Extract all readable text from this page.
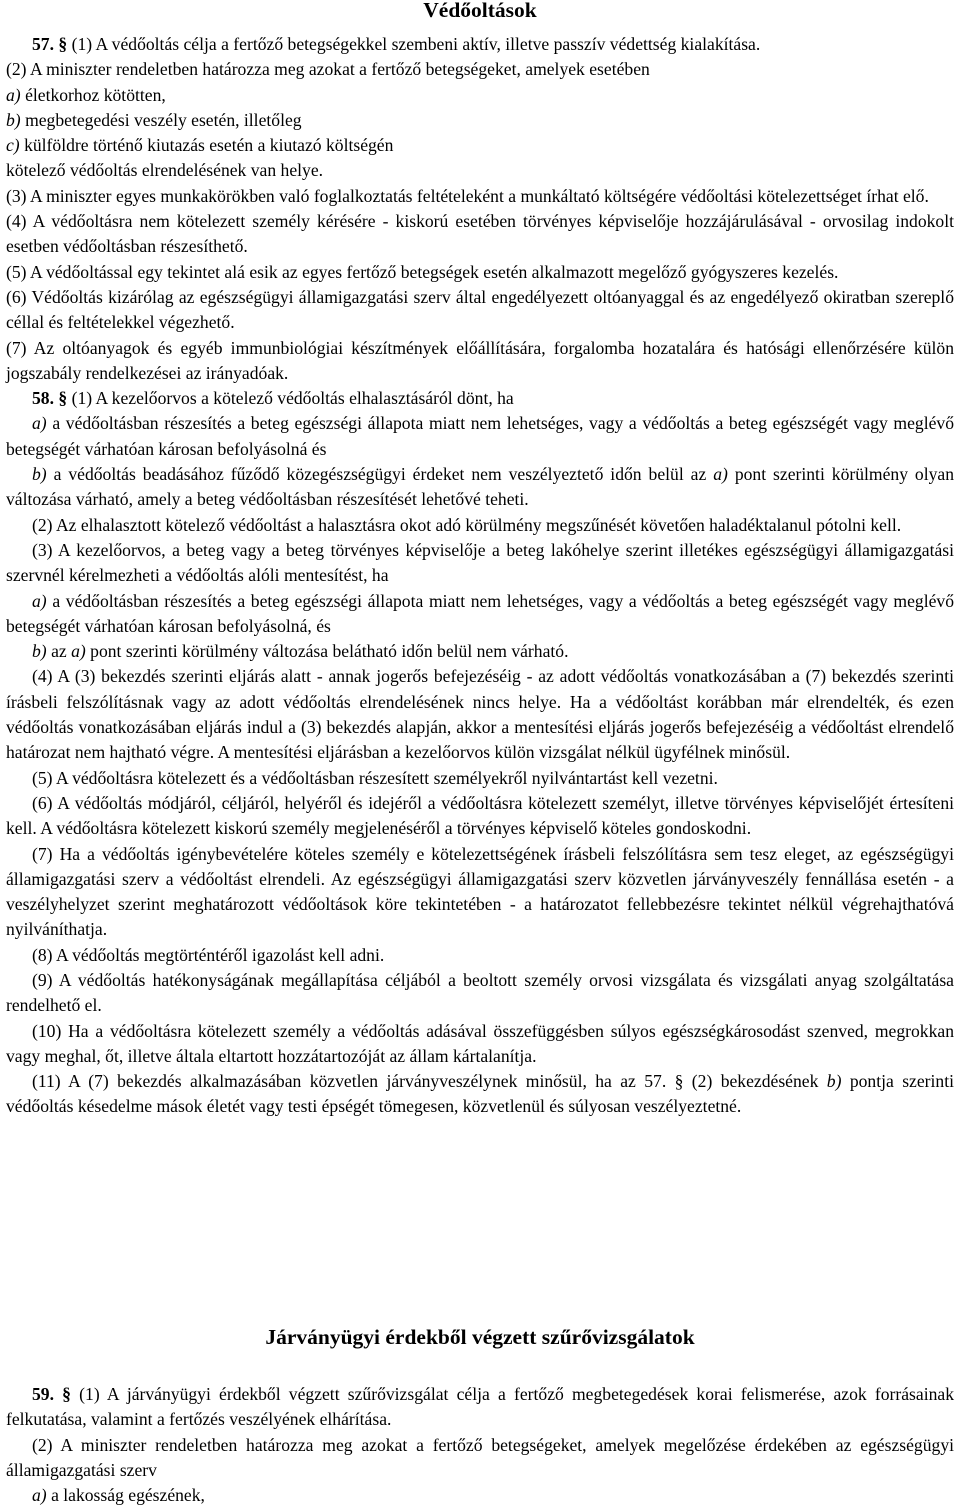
Védőoltások

57. § (1) A védőoltás célja a fertőző betegségekkel szembeni aktív, illetve passzív védettség kialakítása.

(2) A miniszter rendeletben határozza meg azokat a fertőző betegségeket, amelyek esetében

a) életkorhoz kötötten,

b) megbetegedési veszély esetén, illetőleg

c) külföldre történő kiutazás esetén a kiutazó költségén

kötelező védőoltás elrendelésének van helye.

(3) A miniszter egyes munkakörökben való foglalkoztatás feltételeként a munkáltató költségére védőoltási kötelezettséget írhat elő.

(4) A védőoltásra nem kötelezett személy kérésére - kiskorú esetében törvényes képviselője hozzájárulásával - orvosilag indokolt esetben védőoltásban részesíthető.

(5) A védőoltással egy tekintet alá esik az egyes fertőző betegségek esetén alkalmazott megelőző gyógyszeres kezelés.

(6) Védőoltás kizárólag az egészségügyi államigazgatási szerv által engedélyezett oltóanyaggal és az engedélyező okiratban szereplő céllal és feltételekkel végezhető.

(7) Az oltóanyagok és egyéb immunbiológiai készítmények előállítására, forgalomba hozatalára és hatósági ellenőrzésére külön jogszabály rendelkezései az irányadóak.

58. § (1) A kezelőorvos a kötelező védőoltás elhalasztásáról dönt, ha

a) a védőoltásban részesítés a beteg egészségi állapota miatt nem lehetséges, vagy a védőoltás a beteg egészségét vagy meglévő betegségét várhatóan károsan befolyásolná és

b) a védőoltás beadásához fűződő közegészségügyi érdeket nem veszélyeztető időn belül az a) pont szerinti körülmény olyan változása várható, amely a beteg védőoltásban részesítését lehetővé teheti.

(2) Az elhalasztott kötelező védőoltást a halasztásra okot adó körülmény megszűnését követően haladéktalanul pótolni kell.

(3) A kezelőorvos, a beteg vagy a beteg törvényes képviselője a beteg lakóhelye szerint illetékes egészségügyi államigazgatási szervnél kérelmezheti a védőoltás alóli mentesítést, ha

a) a védőoltásban részesítés a beteg egészségi állapota miatt nem lehetséges, vagy a védőoltás a beteg egészségét vagy meglévő betegségét várhatóan károsan befolyásolná, és

b) az a) pont szerinti körülmény változása belátható időn belül nem várható.

(4) A (3) bekezdés szerinti eljárás alatt - annak jogerős befejezéséig - az adott védőoltás vonatkozásában a (7) bekezdés szerinti írásbeli felszólításnak vagy az adott védőoltás elrendelésének nincs helye. Ha a védőoltást korábban már elrendelték, és ezen védőoltás vonatkozásában eljárás indul a (3) bekezdés alapján, akkor a mentesítési eljárás jogerős befejezéséig a védőoltást elrendelő határozat nem hajtható végre. A mentesítési eljárásban a kezelőorvos külön vizsgálat nélkül ügyfélnek minősül.

(5) A védőoltásra kötelezett és a védőoltásban részesített személyekről nyilvántartást kell vezetni.

(6) A védőoltás módjáról, céljáról, helyéről és idejéről a védőoltásra kötelezett személyt, illetve törvényes képviselőjét értesíteni kell. A védőoltásra kötelezett kiskorú személy megjelenéséről a törvényes képviselő köteles gondoskodni.

(7) Ha a védőoltás igénybevételére köteles személy e kötelezettségének írásbeli felszólításra sem tesz eleget, az egészségügyi államigazgatási szerv a védőoltást elrendeli. Az egészségügyi államigazgatási szerv közvetlen járványveszély fennállása esetén - a veszélyhelyzet szerint meghatározott védőoltások köre tekintetében - a határozatot fellebbezésre tekintet nélkül végrehajthatóvá nyilváníthatja.

(8) A védőoltás megtörténtéről igazolást kell adni.

(9) A védőoltás hatékonyságának megállapítása céljából a beoltott személy orvosi vizsgálata és vizsgálati anyag szolgáltatása rendelhető el.

(10) Ha a védőoltásra kötelezett személy a védőoltás adásával összefüggésben súlyos egészségkárosodást szenved, megrokkan vagy meghal, őt, illetve általa eltartott hozzátartozóját az állam kártalanítja.

(11) A (7) bekezdés alkalmazásában közvetlen járványveszélynek minősül, ha az 57. § (2) bekezdésének b) pontja szerinti védőoltás késedelme mások életét vagy testi épségét tömegesen, közvetlenül és súlyosan veszélyeztetné.

Járványügyi érdekből végzett szűrővizsgálatok

59. § (1) A járványügyi érdekből végzett szűrővizsgálat célja a fertőző megbetegedések korai felismerése, azok forrásainak felkutatása, valamint a fertőzés veszélyének elhárítása.

(2) A miniszter rendeletben határozza meg azokat a fertőző betegségeket, amelyek megelőzése érdekében az egészségügyi államigazgatási szerv

a) a lakosság egészének,
